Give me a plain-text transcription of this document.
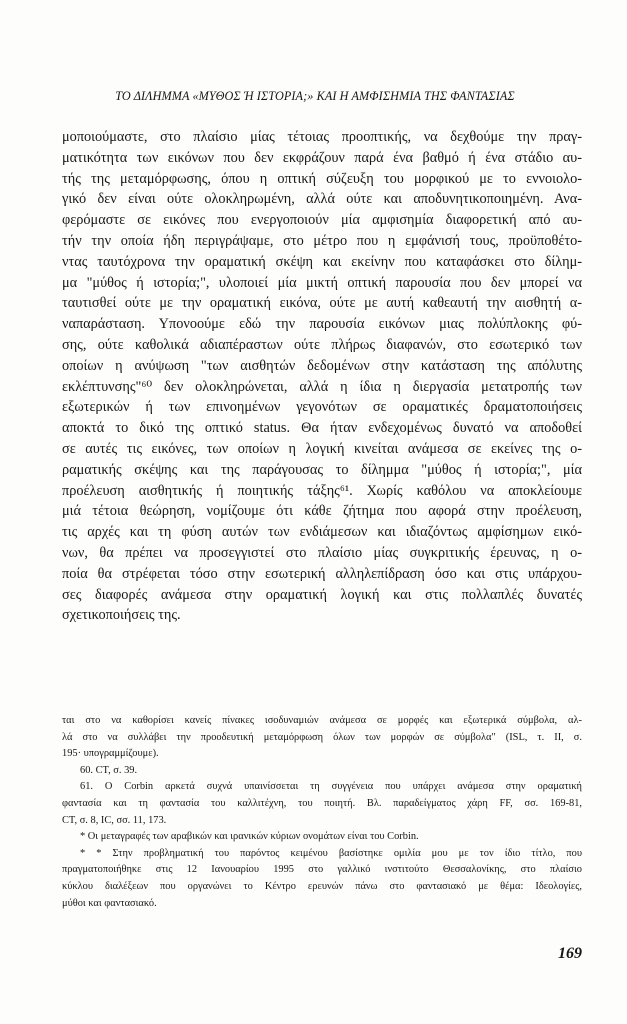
ΤΟ ΔΙΛΗΜΜΑ «ΜΥΘΟΣ Ή ΙΣΤΟΡΙΑ;» ΚΑΙ Η ΑΜΦΙΣΗΜΙΑ ΤΗΣ ΦΑΝΤΑΣΙΑΣ
μοποιούμαστε, στο πλαίσιο μίας τέτοιας προοπτικής, να δεχθούμε την πραγ-
ματικότητα των εικόνων που δεν εκφράζουν παρά ένα βαθμό ή ένα στάδιο αυ-
τής της μεταμόρφωσης, όπου η οπτική σύζευξη του μορφικού με το εννοιολο-
γικό δεν είναι ούτε ολοκληρωμένη, αλλά ούτε και αποδυνητικοποιημένη. Ανα-
φερόμαστε σε εικόνες που ενεργοποιούν μία αμφισημία διαφορετική από αυ-
τήν την οποία ήδη περιγράψαμε, στο μέτρο που η εμφάνισή τους, προϋποθέτο-
ντας ταυτόχρονα την οραματική σκέψη και εκείνην που καταφάσκει στο δίλημ-
μα "μύθος ή ιστορία;", υλοποιεί μία μικτή οπτική παρουσία που δεν μπορεί να
ταυτισθεί ούτε με την οραματική εικόνα, ούτε με αυτή καθεαυτή την αισθητή α-
ναπαράσταση. Υπονοούμε εδώ την παρουσία εικόνων μιας πολύπλοκης φύ-
σης, ούτε καθολικά αδιαπέραστων ούτε πλήρως διαφανών, στο εσωτερικό των
οποίων η ανύψωση "των αισθητών δεδομένων στην κατάσταση της απόλυτης
εκλέπτυνσης"⁶⁰ δεν ολοκληρώνεται, αλλά η ίδια η διεργασία μετατροπής των
εξωτερικών ή των επινοημένων γεγονότων σε οραματικές δραματοποιήσεις
αποκτά το δικό της οπτικό status. Θα ήταν ενδεχομένως δυνατό να αποδοθεί
σε αυτές τις εικόνες, των οποίων η λογική κινείται ανάμεσα σε εκείνες της ο-
ραματικής σκέψης και της παράγουσας το δίλημμα "μύθος ή ιστορία;", μία
προέλευση αισθητικής ή ποιητικής τάξης⁶¹. Χωρίς καθόλου να αποκλείουμε
μιά τέτοια θεώρηση, νομίζουμε ότι κάθε ζήτημα που αφορά στην προέλευση,
τις αρχές και τη φύση αυτών των ενδιάμεσων και ιδιαζόντως αμφίσημων εικό-
νων, θα πρέπει να προσεγγιστεί στο πλαίσιο μίας συγκριτικής έρευνας, η ο-
ποία θα στρέφεται τόσο στην εσωτερική αλληλεπίδραση όσο και στις υπάρχου-
σες διαφορές ανάμεσα στην οραματική λογική και στις πολλαπλές δυνατές
σχετικοποιήσεις της.
ται στο να καθορίσει κανείς πίνακες ισοδυναμιών ανάμεσα σε μορφές και εξωτερικά σύμβολα, αλ-
λά στο να συλλάβει την προοδευτική μεταμόρφωση όλων των μορφών σε σύμβολα" (ISL, τ. II, σ.
195· υπογραμμίζουμε).
60. CT, σ. 39.
61. Ο Corbin αρκετά συχνά υπαινίσσεται τη συγγένεια που υπάρχει ανάμεσα στην οραματική
φαντασία και τη φαντασία του καλλιτέχνη, του ποιητή. Βλ. παραδείγματος χάρη FF, σσ. 169-81,
CT, σ. 8, IC, σσ. 11, 173.
* Οι μεταγραφές των αραβικών και ιρανικών κύριων ονομάτων είναι του Corbin.
* * Στην προβληματική του παρόντος κειμένου βασίστηκε ομιλία μου με τον ίδιο τίτλο, που
πραγματοποιήθηκε στις 12 Ιανουαρίου 1995 στο γαλλικό ινστιτούτο Θεσσαλονίκης, στο πλαίσιο
κύκλου διαλέξεων που οργανώνει το Κέντρο ερευνών πάνω στο φαντασιακό με θέμα: Ιδεολογίες,
μύθοι και φαντασιακό.
169
